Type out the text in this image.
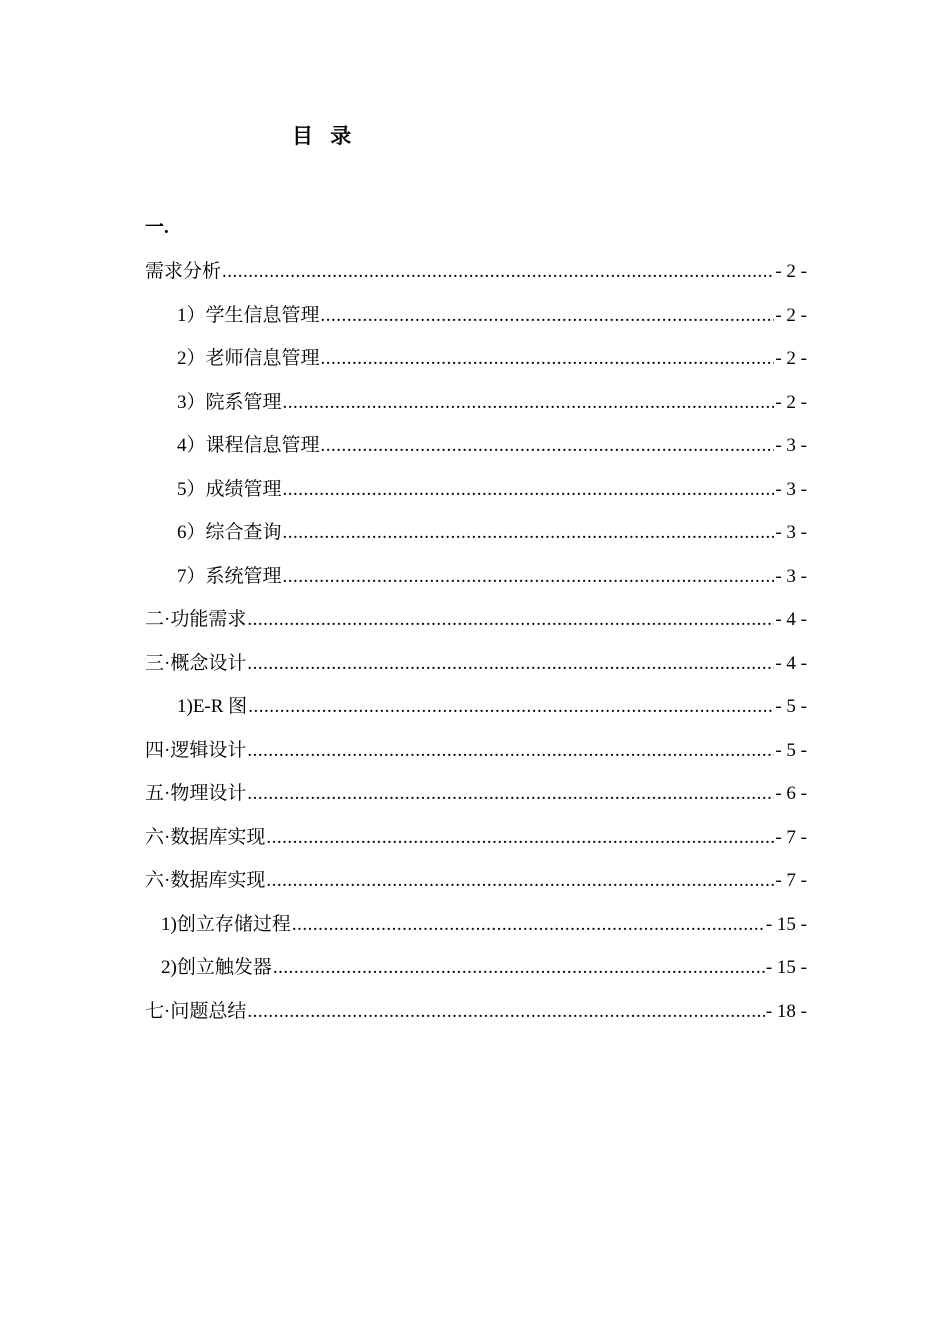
目 录
一.
需求分析 .....	- 2 -
1）学生信息管理 .....	- 2 -
2）老师信息管理 .....	- 2 -
3）院系管理 .....	- 2 -
4）课程信息管理 .....	- 3 -
5）成绩管理 .....	- 3 -
6）综合查询 .....	- 3 -
7）系统管理 .....	- 3 -
二·功能需求 .....	- 4 -
三·概念设计 .....	- 4 -
1)E-R 图 .....	- 5 -
四·逻辑设计 .....	- 5 -
五·物理设计 .....	- 6 -
六·数据库实现 .....	- 7 -
六·数据库实现 .....	- 7 -
1)创立存储过程 .....	- 15 -
2)创立触发器 .....	- 15 -
七·问题总结 .....	- 18 -
